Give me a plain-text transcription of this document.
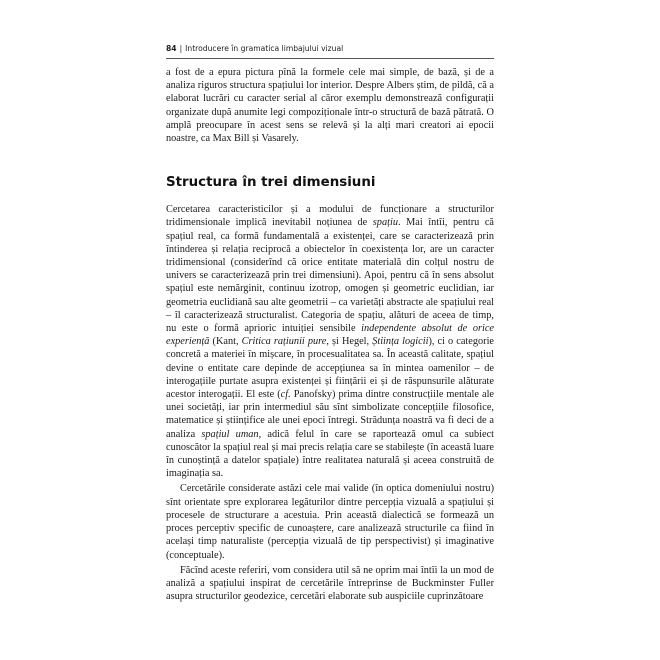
84 | Introducere în gramatica limbajului vizual

a fost de a epura pictura pînă la formele cele mai simple, de bază, și de a analiza riguros structura spațiului lor interior. Despre Albers știm, de pildă, că a elaborat lucrări cu caracter serial al căror exemplu demonstrează configurații organizate după anumite legi compoziționale într-o structură de bază pătrată. O amplă preocupare în acest sens se relevă și la alți mari creatori ai epocii noastre, ca Max Bill și Vasarely.

Structura în trei dimensiuni

Cercetarea caracteristicilor și a modului de funcționare a structurilor tridimensionale implică inevitabil noțiunea de spațiu. Mai întîi, pentru că spațiul real, ca formă fundamentală a existenței, care se caracterizează prin întinderea și relația reciprocă a obiectelor în coexistența lor, are un caracter tridimensional (considerînd că orice entitate materială din colțul nostru de univers se caracterizează prin trei dimensiuni). Apoi, pentru că în sens absolut spațiul este nemărginit, continuu izotrop, omogen și geometric euclidian, iar geometria euclidiană sau alte geometrii – ca varietăți abstracte ale spațiului real – îl caracterizează structuralist. Categoria de spațiu, alături de aceea de timp, nu este o formă aprioric intuiției sensibile independente absolut de orice experiență (Kant, Critica rațiunii pure, și Hegel, Știința logicii), ci o categorie concretă a materiei în mișcare, în procesualitatea sa. În această calitate, spațiul devine o entitate care depinde de accepțiunea sa în mintea oamenilor – de interogațiile purtate asupra existenței și ființării ei și de răspunsurile alăturate acestor interogații. El este (cf. Panofsky) prima dintre construcțiile mentale ale unei societăți, iar prin intermediul său sînt simbolizate concepțiile filosofice, matematice și științifice ale unei epoci întregi. Strădunța noastră va fi deci de a analiza spațiul uman, adică felul în care se raportează omul ca subiect cunoscător la spațiul real și mai precis relația care se stabilește (în această luare în cunoștință a datelor spațiale) între realitatea naturală și aceea construită de imaginația sa.

Cercetările considerate astăzi cele mai valide (în optica domeniului nostru) sînt orientate spre explorarea legăturilor dintre percepția vizuală a spațiului și procesele de structurare a acestuia. Prin această dialectică se formează un proces perceptiv specific de cunoaștere, care analizează structurile ca fiind în același timp naturaliste (percepția vizuală de tip perspectivist) și imaginative (conceptuale).

Făcînd aceste referiri, vom considera util să ne oprim mai întîi la un mod de analiză a spațiului inspirat de cercetările întreprinse de Buckminster Fuller asupra structurilor geodezice, cercetări elaborate sub auspiciile cuprinzătoare
